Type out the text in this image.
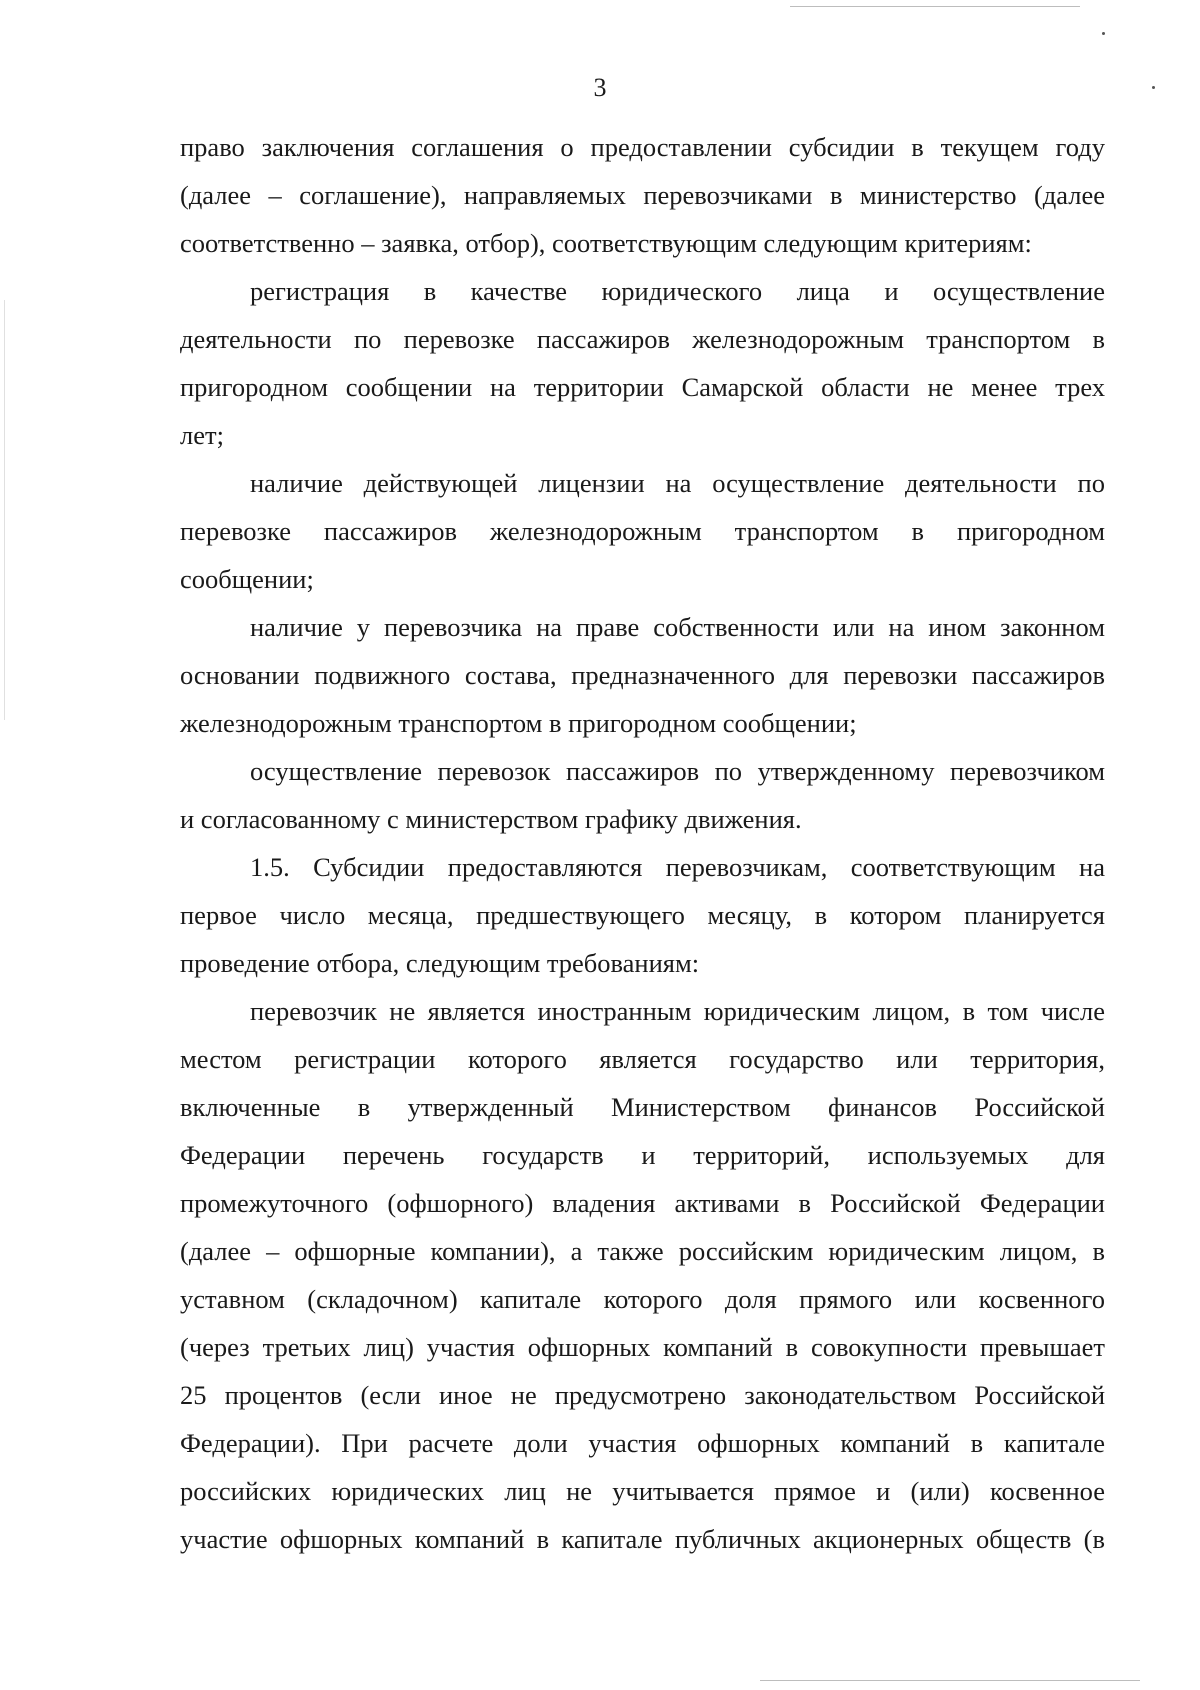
3

право заключения соглашения о предоставлении субсидии в текущем году
(далее – соглашение), направляемых перевозчиками в министерство (далее
соответственно – заявка, отбор), соответствующим следующим критериям:

регистрация в качестве юридического лица и осуществление
деятельности по перевозке пассажиров железнодорожным транспортом в
пригородном сообщении на территории Самарской области не менее трех
лет;

наличие действующей лицензии на осуществление деятельности по
перевозке пассажиров железнодорожным транспортом в пригородном
сообщении;

наличие у перевозчика на праве собственности или на ином законном
основании подвижного состава, предназначенного для перевозки пассажиров
железнодорожным транспортом в пригородном сообщении;

осуществление перевозок пассажиров по утвержденному перевозчиком
и согласованному с министерством графику движения.

1.5. Субсидии предоставляются перевозчикам, соответствующим на
первое число месяца, предшествующего месяцу, в котором планируется
проведение отбора, следующим требованиям:

перевозчик не является иностранным юридическим лицом, в том числе
местом регистрации которого является государство или территория,
включенные в утвержденный Министерством финансов Российской
Федерации перечень государств и территорий, используемых для
промежуточного (офшорного) владения активами в Российской Федерации
(далее – офшорные компании), а также российским юридическим лицом, в
уставном (складочном) капитале которого доля прямого или косвенного
(через третьих лиц) участия офшорных компаний в совокупности превышает
25 процентов (если иное не предусмотрено законодательством Российской
Федерации). При расчете доли участия офшорных компаний в капитале
российских юридических лиц не учитывается прямое и (или) косвенное
участие офшорных компаний в капитале публичных акционерных обществ (в
